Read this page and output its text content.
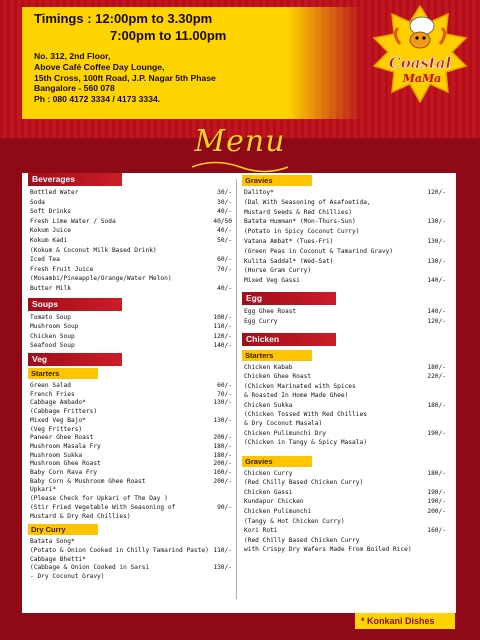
Timings : 12:00pm to 3.30pm
7:00pm to 11.00pm
No. 312, 2nd Floor,
Above Café Coffee Day Lounge,
15th Cross, 100ft Road, J.P. Nagar 5th Phase
Bangalore - 560 078
Ph : 080 4172 3334 / 4173 3334.
Coastal
MaMa
Menu
Beverages
Bottled Water	30/-
Soda	30/-
Soft Drinks	40/-
Fresh Lime Water / Soda	40/50
Kokum Juice	40/-
Kokum Kadi	50/-
(Kokum & Coconut Milk Based Drink)
Iced Tea	60/-
Fresh Fruit Juice	70/-
(Mosambi/Pineapple/Orange/Water Melon)
Butter Milk	40/-
Soups
Tomato Soup	100/-
Mushroom Soup	110/-
Chicken Soup	120/-
Seafood Soup	140/-
Veg
Starters
Green Salad	60/-
French Fries	70/-
Cabbage Ambado*	130/-
(Cabbage Fritters)
Mixed Veg Bajo*	130/-
(Veg Fritters)
Paneer Ghee Roast	200/-
Mushroom Masala Fry	180/-
Mushroom Sukka	180/-
Mushroom Ghee Roast	200/-
Baby Corn Rava Fry	160/-
Baby Corn & Mushroom Ghee Roast	200/-
Upkari*
(Please Check for Upkari of The Day )
(Stir Fried Vegetable With Seasoning of	90/-
Mustard & Dry Red Chillies)
Dry Curry
Batata Song*
(Potato & Onion Cooked in Chilly Tamarind Paste) 110/-
Cabbage Bhetti*
(Cabbage & Onion Cooked in Sarsi	130/-
- Dry Coconut Gravy)
Gravies
Dalitoy*	120/-
(Dal With Seasoning of Asafoetida,
Mustard Seeds & Red Chillies)
Batata Humman* (Mon-Thurs-Sun)	130/-
(Potato in Spicy Coconut Curry)
Vatana Ambat* (Tues-Fri)	130/-
(Green Peas in Coconut & Tamarind Gravy)
Kulita Saddal* (Wed-Sat)	130/-
(Horse Gram Curry)
Mixed Veg Gassi	140/-
Egg
Egg Ghee Roast	140/-
Egg Curry	120/-
Chicken
Starters
Chicken Kabab	180/-
Chicken Ghee Roast	220/-
(Chicken Marinated with Spices
& Roasted In Home Made Ghee)
Chicken Sukka	180/-
(Chicken Tossed With Red Chillies
& Dry Coconut Masala)
Chicken Pulimunchi Dry	190/-
(Chicken in Tangy & Spicy Masala)
Gravies
Chicken Curry	180/-
(Red Chilly Based Chicken Curry)
Chicken Gassi	190/-
Kundapur Chicken	190/-
Chicken Pulimunchi	200/-
(Tangy & Hot Chicken Curry)
Kori Roti	160/-
(Red Chilly Based Chicken Curry
with Crispy Dry Wafers Made From Boiled Rice)
* Konkani Dishes
